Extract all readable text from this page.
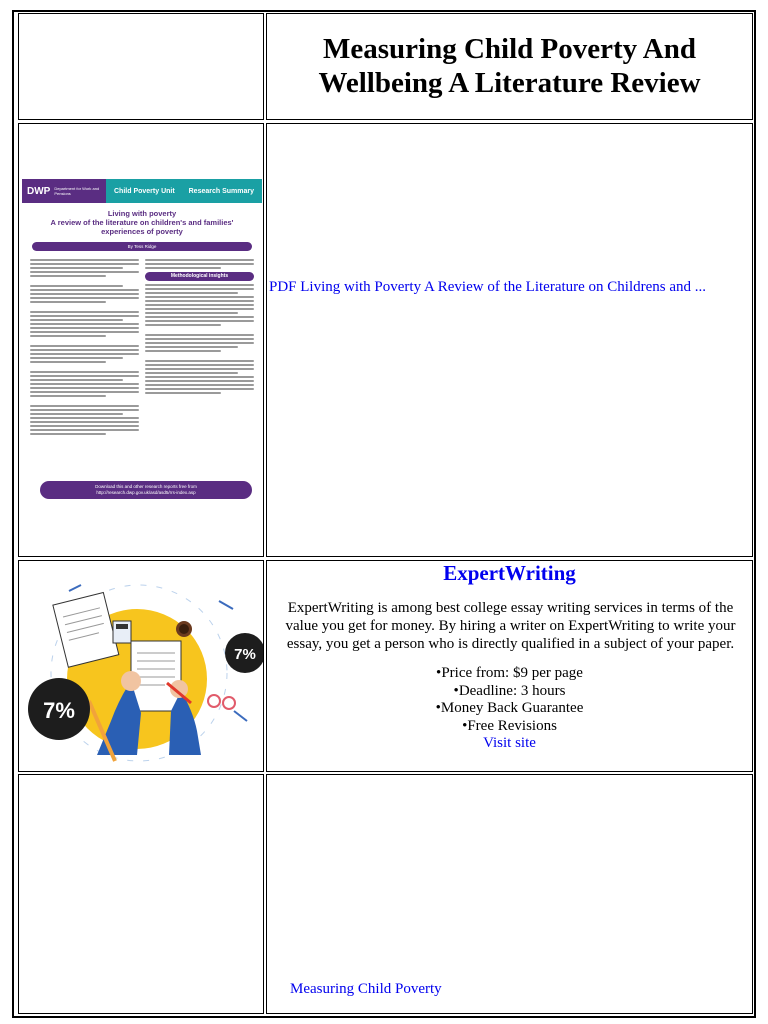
Measuring Child Poverty And Wellbeing A Literature Review
DWP Department for Work and Pensions	Child Poverty Unit Research Summary
Living with poverty
A review of the literature on children's and families' experiences of poverty
By Tess Ridge
Methodological insights
Download this and other research reports free from
http://research.dwp.gov.uk/asd/asd5/rrs-index.asp
PDF Living with Poverty A Review of the Literature on Childrens and ...
7%
7%
ExpertWriting
ExpertWriting is among best college essay writing services in terms of the value you get for money. By hiring a writer on ExpertWriting to write your essay, you get a person who is directly qualified in a subject of your paper.
• Price from: $9 per page
• Deadline: 3 hours
• Money Back Guarantee
• Free Revisions
Visit site
Measuring Child Poverty
